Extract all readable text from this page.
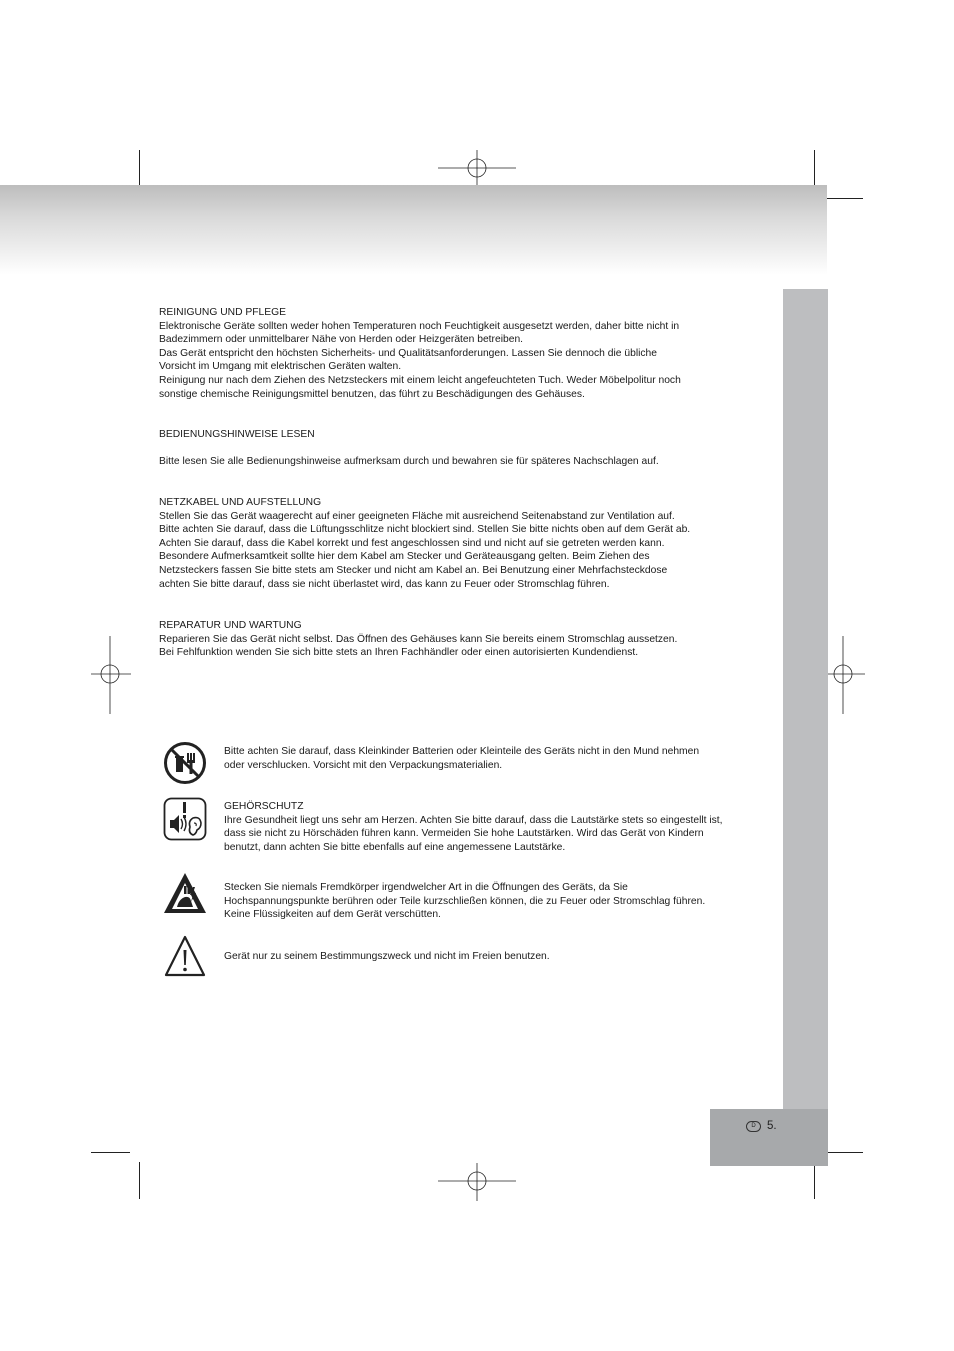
D 5.

REINIGUNG UND PFLEGE

Elektronische Geräte sollten weder hohen Temperaturen noch Feuchtigkeit ausgesetzt werden, daher bitte nicht in

Badezimmern oder unmittelbarer Nähe von Herden oder Heizgeräten betreiben.

Das Gerät entspricht den höchsten Sicherheits- und Qualitätsanforderungen. Lassen Sie dennoch die übliche

Vorsicht im Umgang mit elektrischen Geräten walten.

Reinigung nur nach dem Ziehen des Netzsteckers mit einem leicht angefeuchteten Tuch. Weder Möbelpolitur noch

sonstige chemische Reinigungsmittel benutzen, das führt zu Beschädigungen des Gehäuses.

BEDIENUNGSHINWEISE LESEN

Bitte lesen Sie alle Bedienungshinweise aufmerksam durch und bewahren sie für späteres Nachschlagen auf.

NETZKABEL UND AUFSTELLUNG

Stellen Sie das Gerät waagerecht auf einer geeigneten Fläche mit ausreichend Seitenabstand zur Ventilation auf.

Bitte achten Sie darauf, dass die Lüftungsschlitze nicht blockiert sind. Stellen Sie bitte nichts oben auf dem Gerät ab.

Achten Sie darauf, dass die Kabel korrekt und fest angeschlossen sind und nicht auf sie getreten werden kann.

Besondere Aufmerksamtkeit sollte hier dem Kabel am Stecker und Geräteausgang gelten. Beim Ziehen des

Netzsteckers fassen Sie bitte stets am Stecker und nicht am Kabel an. Bei Benutzung einer Mehrfachsteckdose

achten Sie bitte darauf, dass sie nicht überlastet wird, das kann zu Feuer oder Stromschlag führen.

REPARATUR UND WARTUNG

Reparieren Sie das Gerät nicht selbst. Das Öffnen des Gehäuses kann Sie bereits einem Stromschlag aussetzen.

Bei Fehlfunktion wenden Sie sich bitte stets an Ihren Fachhändler oder einen autorisierten Kundendienst.

Bitte achten Sie darauf, dass Kleinkinder Batterien oder Kleinteile des Geräts nicht in den Mund nehmen

oder verschlucken. Vorsicht mit den Verpackungsmaterialien.

GEHÖRSCHUTZ

Ihre Gesundheit liegt uns sehr am Herzen. Achten Sie bitte darauf, dass die Lautstärke stets so eingestellt ist,

dass sie nicht zu Hörschäden führen kann. Vermeiden Sie hohe Lautstärken. Wird das Gerät von Kindern

benutzt, dann achten Sie bitte ebenfalls auf eine angemessene Lautstärke.

Stecken Sie niemals Fremdkörper irgendwelcher Art in die Öffnungen des Geräts, da Sie

Hochspannungspunkte berühren oder Teile kurzschließen können, die zu Feuer oder Stromschlag führen.

Keine Flüssigkeiten auf dem Gerät verschütten.

Gerät nur zu seinem Bestimmungszweck und nicht im Freien benutzen.
